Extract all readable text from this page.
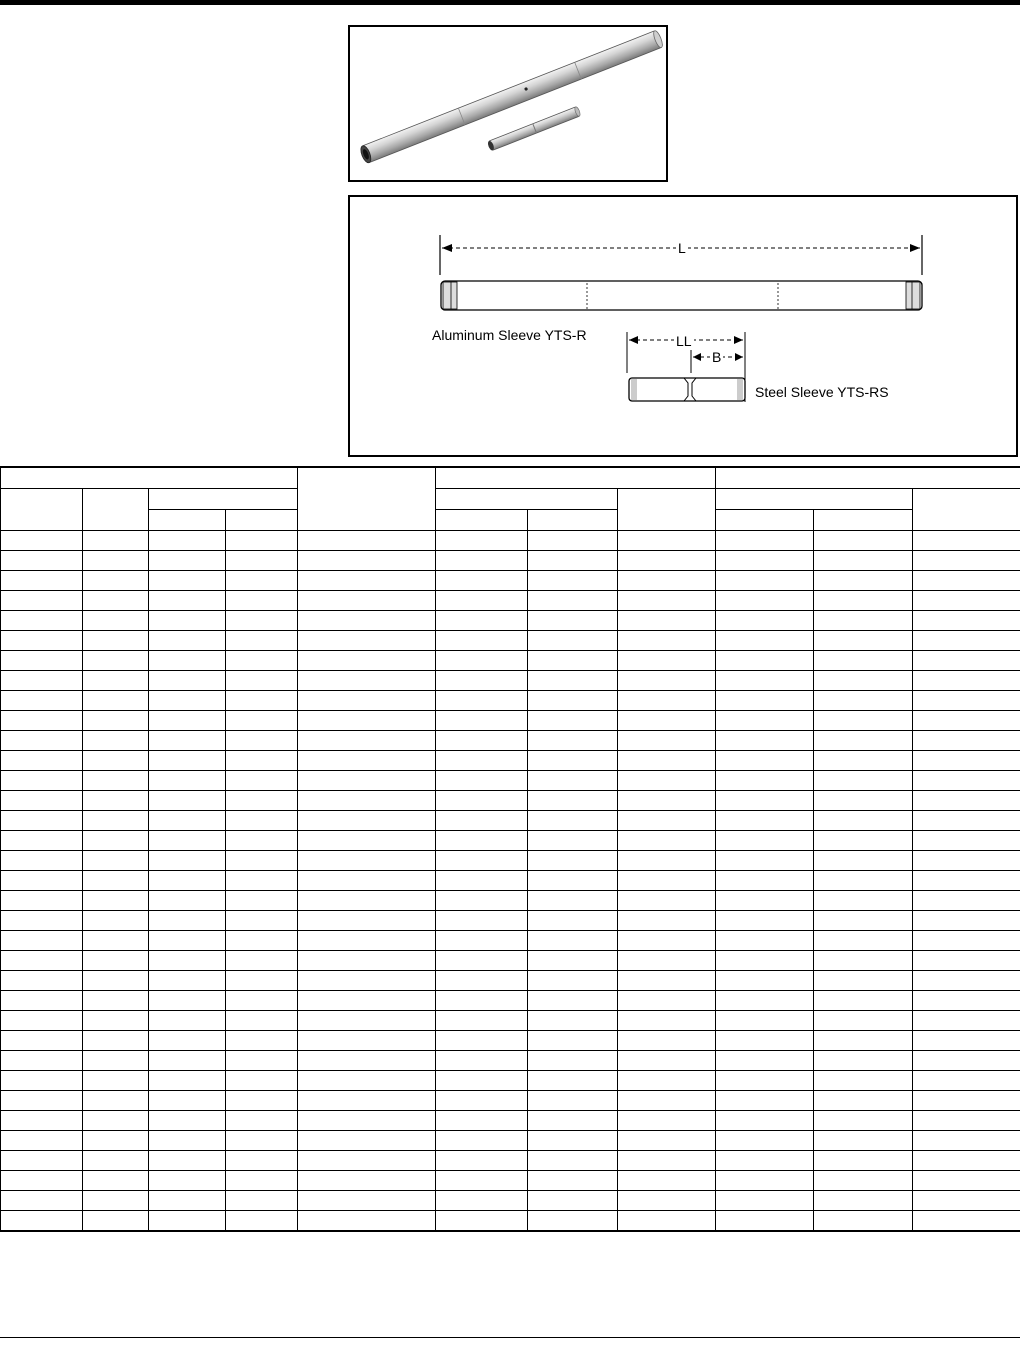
L
LL
B
Aluminum Sleeve YTS-R
Steel Sleeve YTS-RS
